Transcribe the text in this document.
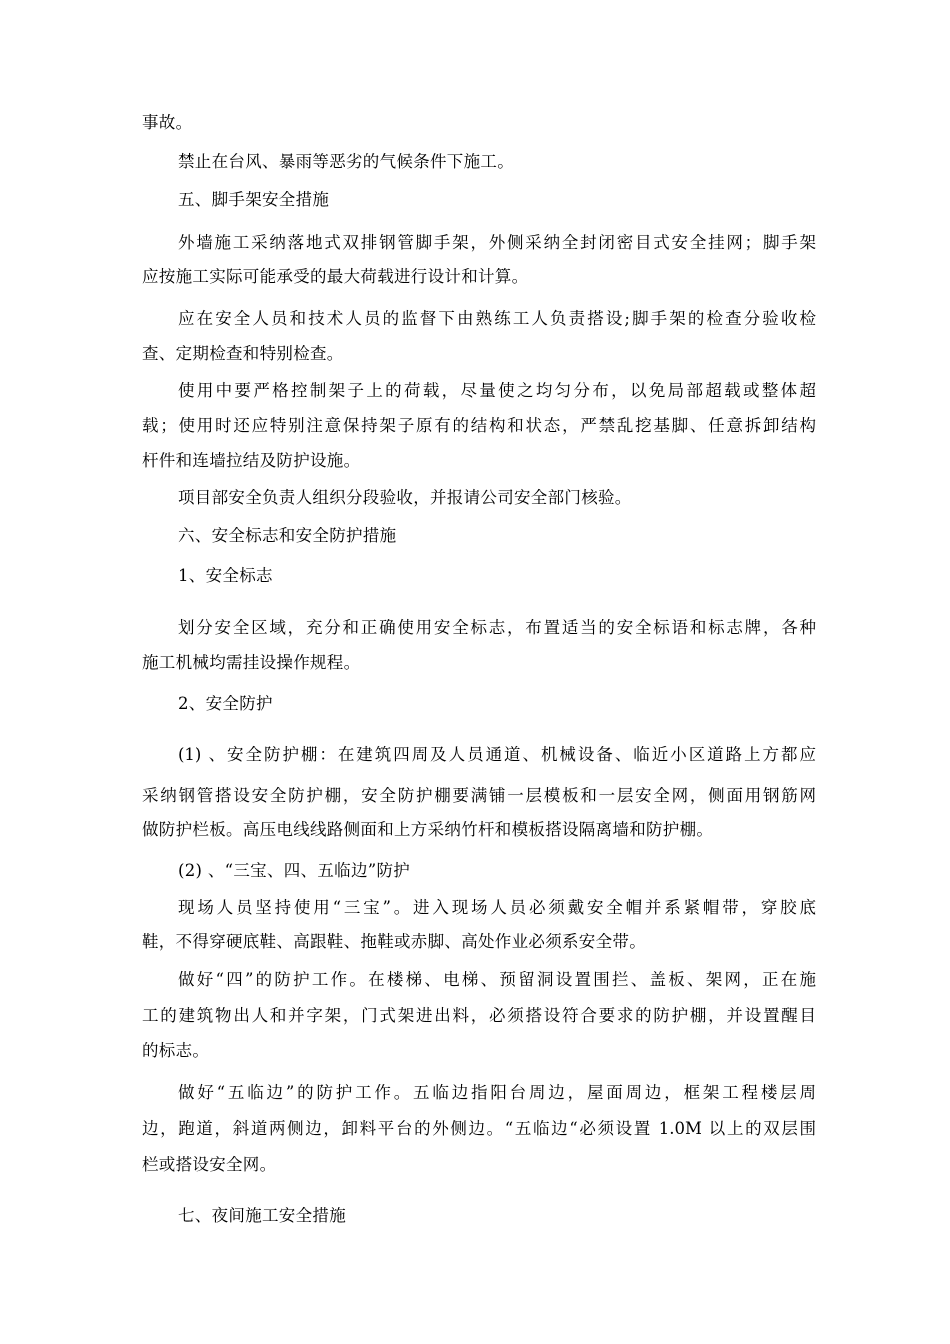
事故。
禁止在台风、暴雨等恶劣的气候条件下施工。
五、脚手架安全措施
外墙施工采纳落地式双排钢管脚手架，外侧采纳全封闭密目式安全挂网；脚手架
应按施工实际可能承受的最大荷载进行设计和计算。
应在安全人员和技术人员的监督下由熟练工人负责搭设;脚手架的检查分验收检
查、定期检查和特别检查。
使用中要严格控制架子上的荷载，尽量使之均匀分布，以免局部超载或整体超
载；使用时还应特别注意保持架子原有的结构和状态，严禁乱挖基脚、任意拆卸结构
杆件和连墙拉结及防护设施。
项目部安全负责人组织分段验收，并报请公司安全部门核验。
六、安全标志和安全防护措施
1、安全标志
划分安全区域，充分和正确使用安全标志，布置适当的安全标语和标志牌，各种
施工机械均需挂设操作规程。
2、安全防护
(1) 、安全防护棚：在建筑四周及人员通道、机械设备、临近小区道路上方都应
采纳钢管搭设安全防护棚，安全防护棚要满铺一层模板和一层安全网，侧面用钢筋网
做防护栏板。高压电线线路侧面和上方采纳竹杆和模板搭设隔离墙和防护棚。
(2) 、“三宝、四、五临边”防护
现场人员坚持使用“三宝”。进入现场人员必须戴安全帽并系紧帽带，穿胶底
鞋，不得穿硬底鞋、高跟鞋、拖鞋或赤脚、高处作业必须系安全带。
做好“四”的防护工作。在楼梯、电梯、预留洞设置围拦、盖板、架网，正在施
工的建筑物出人和并字架，门式架进出料，必须搭设符合要求的防护棚，并设置醒目
的标志。
做好“五临边”的防护工作。五临边指阳台周边，屋面周边，框架工程楼层周
边，跑道，斜道两侧边，卸料平台的外侧边。“五临边“必须设置 1.0M 以上的双层围
栏或搭设安全网。
七、夜间施工安全措施
